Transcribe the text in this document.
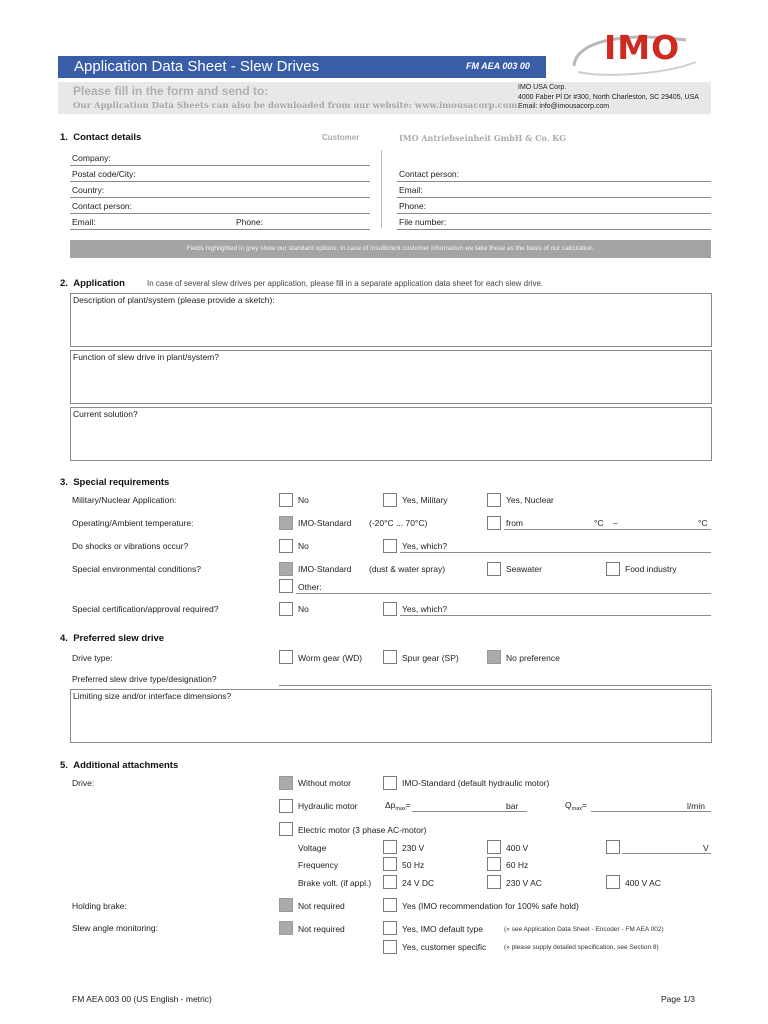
Application Data Sheet - Slew Drives	FM AEA 003 00	IMO
Please fill in the form and send to:
Our Application Data Sheets can also be downloaded from our website: www.imousacorp.com
IMO USA Corp.
4000 Faber Pl Dr #300, North Charleston, SC 29405, USA
Email: info@imousacorp.com
1. Contact details	Customer	IMO Antriebseinheit GmbH & Co. KG
Company:
Postal code/City:
Country:
Contact person:
Email:	Phone:
Contact person:
Email:
Phone:
File number:
Fields highlighted in grey show our standard options. In case of insufficient customer information we take these as the basis of our calculation.
2. Application	In case of several slew drives per application, please fill in a separate application data sheet for each slew drive.
Description of plant/system (please provide a sketch):
Function of slew drive in plant/system?
Current solution?
3. Special requirements
Military/Nuclear Application:	No	Yes, Military	Yes, Nuclear
Operating/Ambient temperature:	IMO-Standard (-20°C ... 70°C)	from	°C –	°C
Do shocks or vibrations occur?	No	Yes, which?
Special environmental conditions?	IMO-Standard (dust & water spray)	Seawater	Food industry
Other:
Special certification/approval required?	No	Yes, which?
4. Preferred slew drive
Drive type:	Worm gear (WD)	Spur gear (SP)	No preference
Preferred slew drive type/designation?
Limiting size and/or interface dimensions?
5. Additional attachments
Drive:	Without motor	IMO-Standard (default hydraulic motor)
Hydraulic motor	$\Delta p_{max}=$	bar	$Q_{max}=$	l/min
Electric motor (3 phase AC-motor)
Voltage	230 V	400 V	V
Frequency	50 Hz	60 Hz
Brake volt. (if appl.)	24 V DC	230 V AC	400 V AC
Holding brake:	Not required	Yes (IMO recommendation for 100% safe hold)
Slew angle monitoring:	Not required	Yes, IMO default type	(» see Application Data Sheet - Encoder - FM AEA 002)
Yes, customer specific	(» please supply detailed specification, see Section 8)
FM AEA 003 00 (US English - metric)	Page 1/3
